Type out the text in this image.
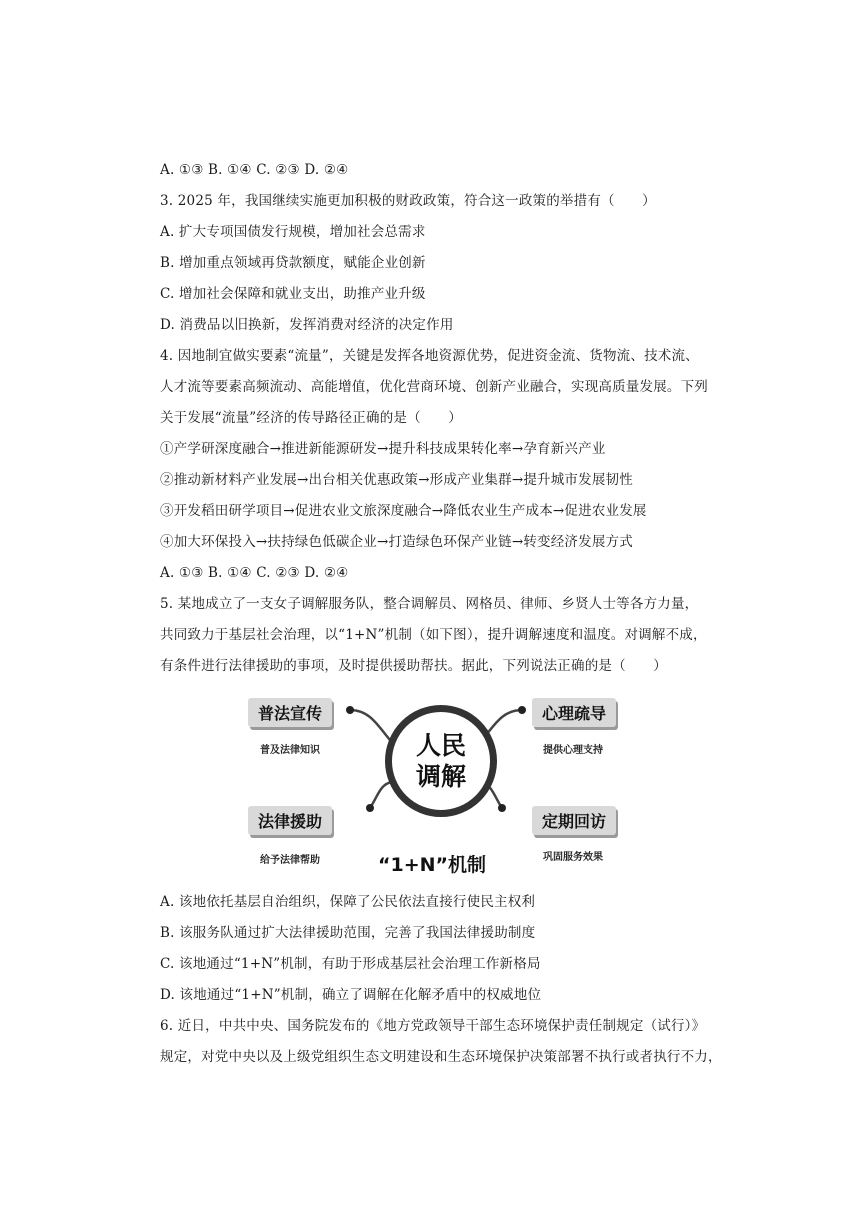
A. ①③ B. ①④ C. ②③ D. ②④
3. 2025 年，我国继续实施更加积极的财政政策，符合这一政策的举措有（　　）
A. 扩大专项国债发行规模，增加社会总需求
B. 增加重点领域再贷款额度，赋能企业创新
C. 增加社会保障和就业支出，助推产业升级
D. 消费品以旧换新，发挥消费对经济的决定作用
4. 因地制宜做实要素“流量”，关键是发挥各地资源优势，促进资金流、货物流、技术流、
人才流等要素高频流动、高能增值，优化营商环境、创新产业融合，实现高质量发展。下列
关于发展“流量”经济的传导路径正确的是（　　）
①产学研深度融合→推进新能源研发→提升科技成果转化率→孕育新兴产业
②推动新材料产业发展→出台相关优惠政策→形成产业集群→提升城市发展韧性
③开发稻田研学项目→促进农业文旅深度融合→降低农业生产成本→促进农业发展
④加大环保投入→扶持绿色低碳企业→打造绿色环保产业链→转变经济发展方式
A. ①③ B. ①④ C. ②③ D. ②④
5. 某地成立了一支女子调解服务队，整合调解员、网格员、律师、乡贤人士等各方力量，
共同致力于基层社会治理，以“1+N”机制（如下图），提升调解速度和温度。对调解不成，
有条件进行法律援助的事项，及时提供援助帮扶。据此，下列说法正确的是（　　）
人民
调解
普法宣传
普及法律知识
心理疏导
提供心理支持
法律援助
给予法律帮助
定期回访
巩固服务效果
“1+N”机制
A. 该地依托基层自治组织，保障了公民依法直接行使民主权利
B. 该服务队通过扩大法律援助范围，完善了我国法律援助制度
C. 该地通过“1+N”机制，有助于形成基层社会治理工作新格局
D. 该地通过“1+N”机制，确立了调解在化解矛盾中的权威地位
6. 近日，中共中央、国务院发布的《地方党政领导干部生态环境保护责任制规定（试行）》
规定，对党中央以及上级党组织生态文明建设和生态环境保护决策部署不执行或者执行不力，
